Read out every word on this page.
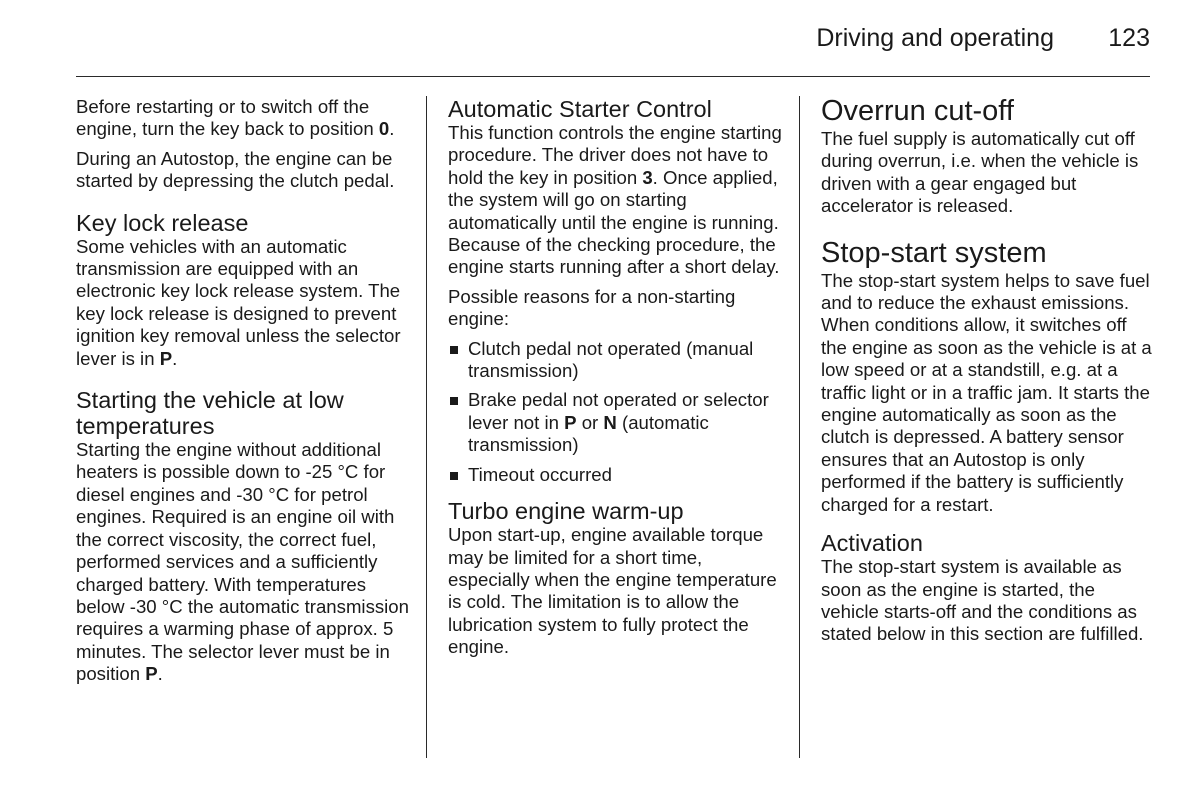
Driving and operating 123

Before restarting or to switch off the engine, turn the key back to position 0.

During an Autostop, the engine can be started by depressing the clutch pedal.

Key lock release

Some vehicles with an automatic transmission are equipped with an electronic key lock release system. The key lock release is designed to prevent ignition key removal unless the selector lever is in P.

Starting the vehicle at low temperatures

Starting the engine without additional heaters is possible down to -25 °C for diesel engines and -30 °C for petrol engines. Required is an engine oil with the correct viscosity, the correct fuel, performed services and a sufficiently charged battery. With temperatures below -30 °C the automatic transmission requires a warming phase of approx. 5 minutes. The selector lever must be in position P.

Automatic Starter Control

This function controls the engine starting procedure. The driver does not have to hold the key in position 3. Once applied, the system will go on starting automatically until the engine is running. Because of the checking procedure, the engine starts running after a short delay.

Possible reasons for a non-starting engine:

Clutch pedal not operated (manual transmission)
Brake pedal not operated or selector lever not in P or N (automatic transmission)
Timeout occurred
Turbo engine warm-up

Upon start-up, engine available torque may be limited for a short time, especially when the engine temperature is cold. The limitation is to allow the lubrication system to fully protect the engine.

Overrun cut-off

The fuel supply is automatically cut off during overrun, i.e. when the vehicle is driven with a gear engaged but accelerator is released.

Stop-start system

The stop-start system helps to save fuel and to reduce the exhaust emissions. When conditions allow, it switches off the engine as soon as the vehicle is at a low speed or at a standstill, e.g. at a traffic light or in a traffic jam. It starts the engine automatically as soon as the clutch is depressed. A battery sensor ensures that an Autostop is only performed if the battery is sufficiently charged for a restart.

Activation

The stop-start system is available as soon as the engine is started, the vehicle starts-off and the conditions as stated below in this section are fulfilled.
